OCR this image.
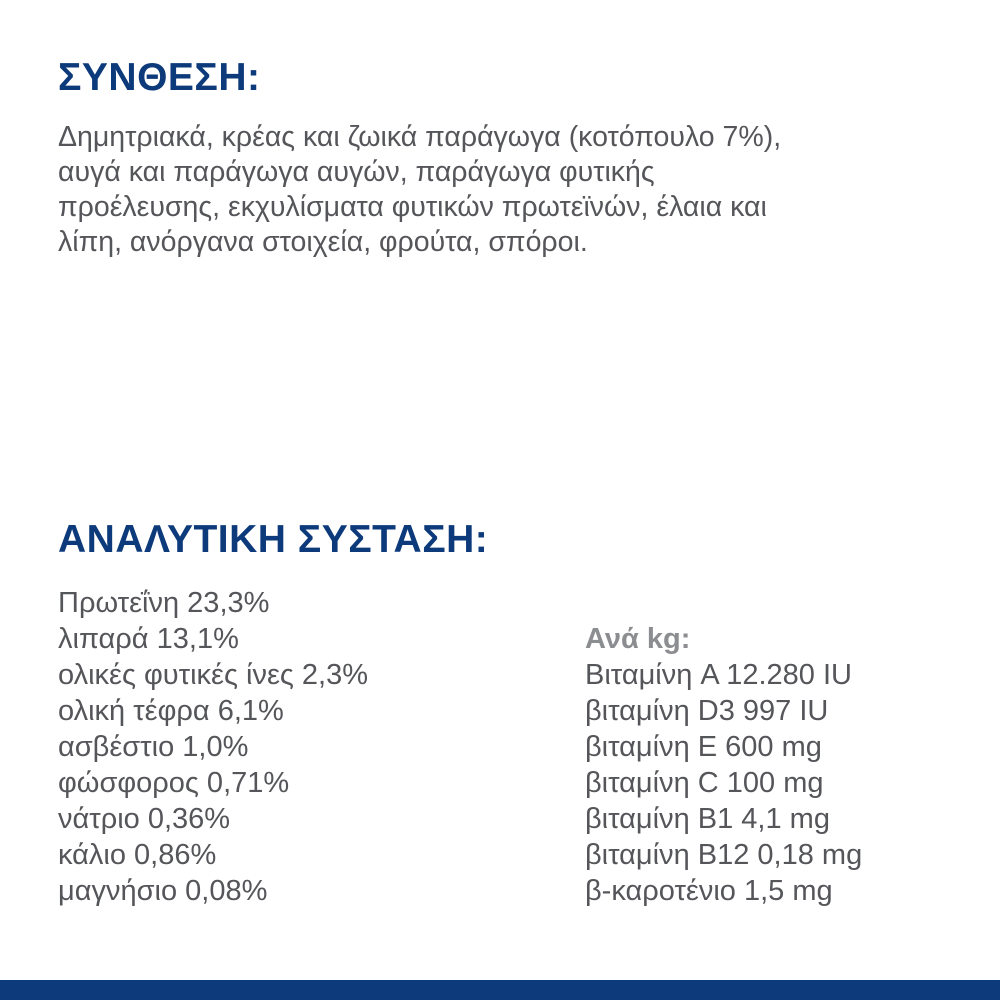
ΣΥΝΘΕΣΗ:

Δημητριακά, κρέας και ζωικά παράγωγα (κοτόπουλο 7%),
αυγά και παράγωγα αυγών, παράγωγα φυτικής
προέλευσης, εκχυλίσματα φυτικών πρωτεϊνών, έλαια και
λίπη, ανόργανα στοιχεία, φρούτα, σπόροι.

ΑΝΑΛΥΤΙΚΗ ΣΥΣΤΑΣΗ:
Πρωτεΐνη 23,3%
λιπαρά 13,1%
ολικές φυτικές ίνες 2,3%
ολική τέφρα 6,1%
ασβέστιο 1,0%
φώσφορος 0,71%
νάτριο 0,36%
κάλιο 0,86%
μαγνήσιο 0,08%
Ανά kg:
Βιταμίνη A 12.280 IU
βιταμίνη D3 997 IU
βιταμίνη E 600 mg
βιταμίνη C 100 mg
βιταμίνη B1 4,1 mg
βιταμίνη B12 0,18 mg
β-καροτένιο 1,5 mg
